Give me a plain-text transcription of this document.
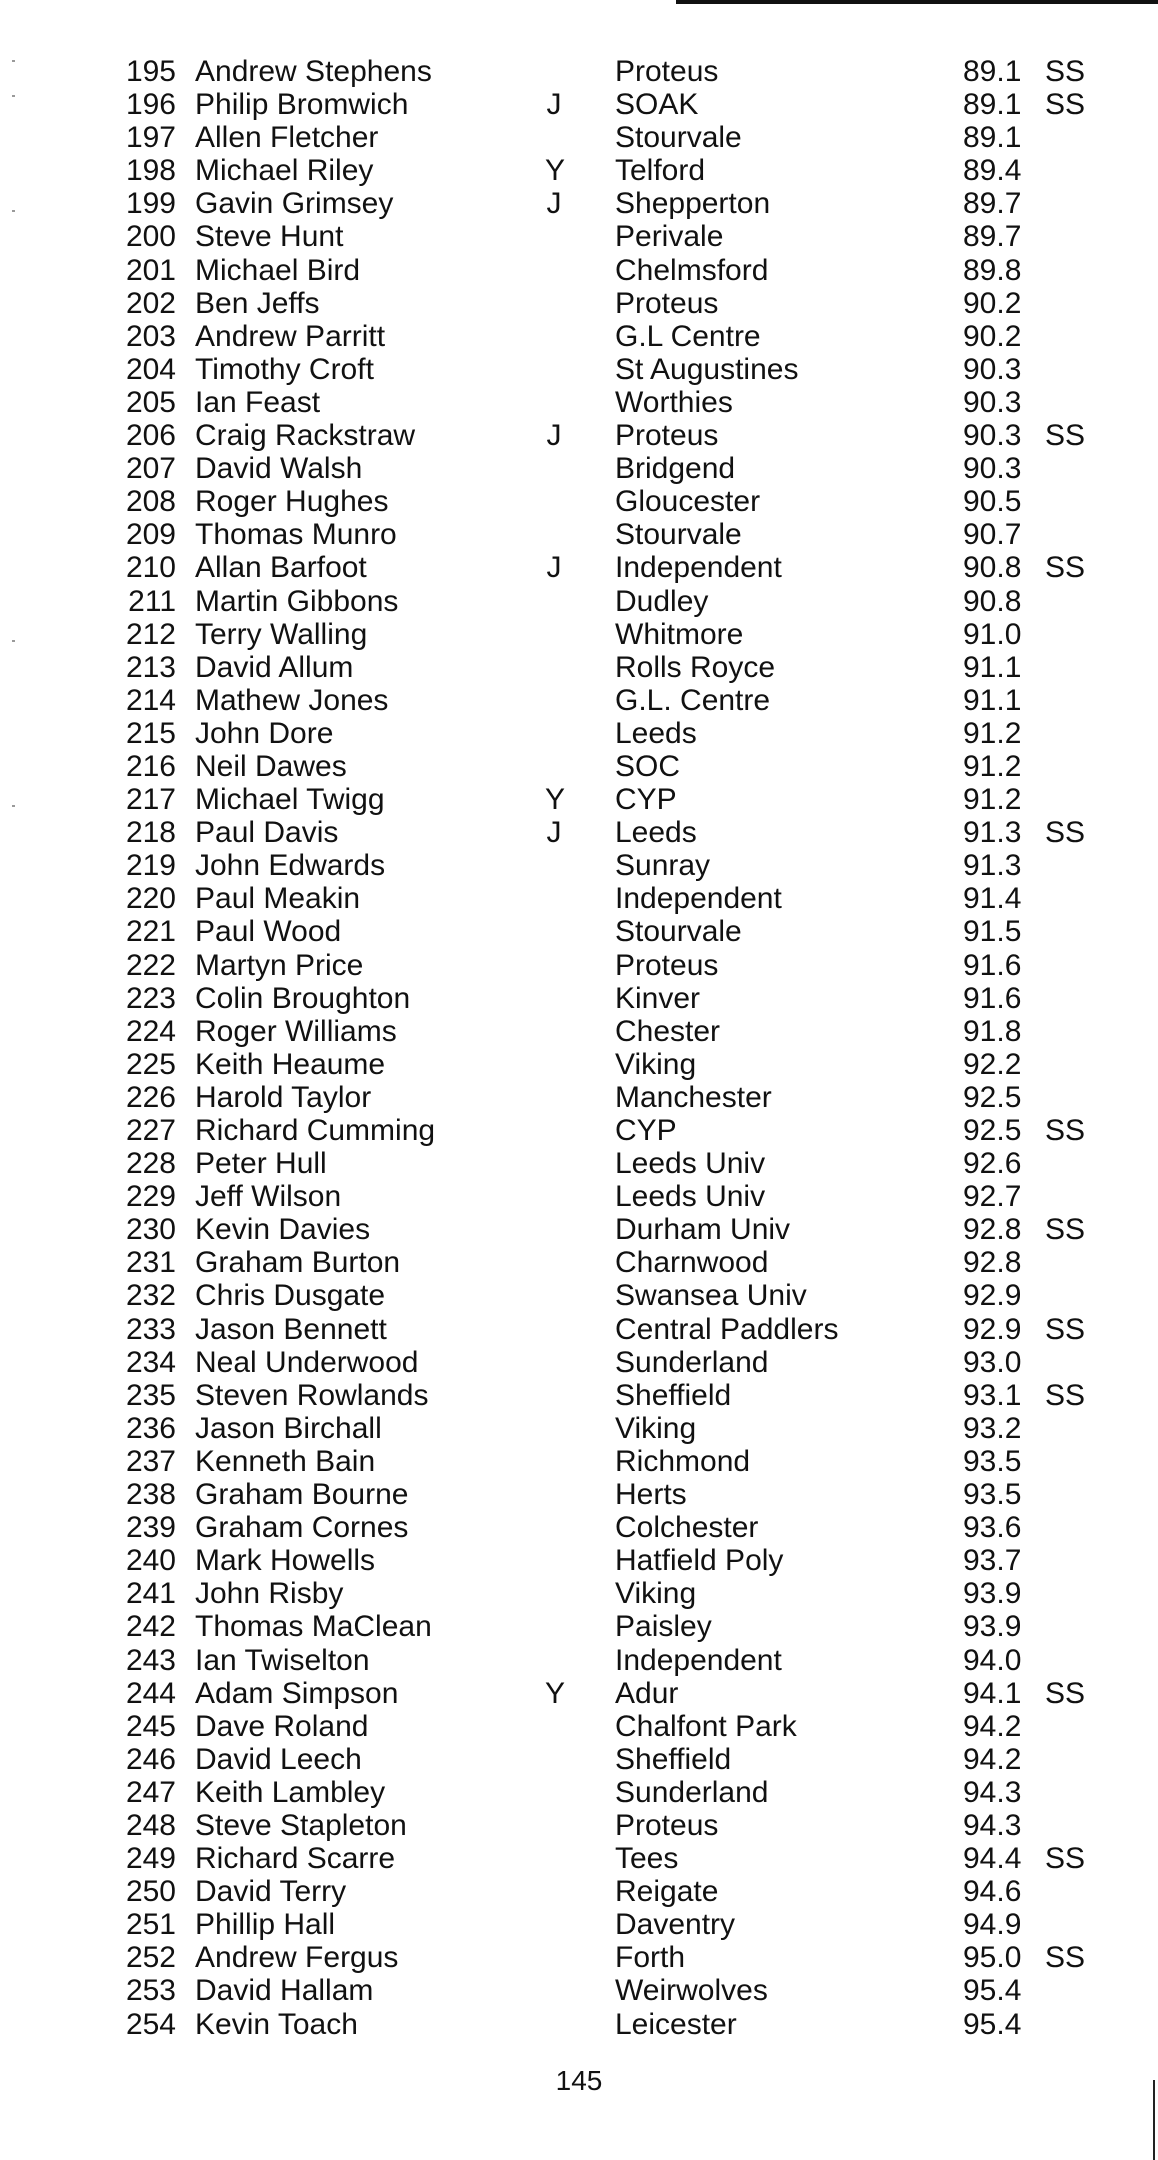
195 Andrew Stephens	Proteus	89.1 SS
196 Philip Bromwich	J SOAK	89.1 SS
197 Allen Fletcher	Stourvale	89.1
198 Michael Riley	Y Telford	89.4
199 Gavin Grimsey	J Shepperton	89.7
200 Steve Hunt	Perivale	89.7
201 Michael Bird	Chelmsford	89.8
202 Ben Jeffs	Proteus	90.2
203 Andrew Parritt	G.L Centre	90.2
204 Timothy Croft	St Augustines	90.3
205 Ian Feast	Worthies	90.3
206 Craig Rackstraw	J Proteus	90.3 SS
207 David Walsh	Bridgend	90.3
208 Roger Hughes	Gloucester	90.5
209 Thomas Munro	Stourvale	90.7
210 Allan Barfoot	J Independent	90.8 SS
211 Martin Gibbons	Dudley	90.8
212 Terry Walling	Whitmore	91.0
213 David Allum	Rolls Royce	91.1
214 Mathew Jones	G.L. Centre	91.1
215 John Dore	Leeds	91.2
216 Neil Dawes	SOC	91.2
217 Michael Twigg	Y CYP	91.2
218 Paul Davis	J Leeds	91.3 SS
219 John Edwards	Sunray	91.3
220 Paul Meakin	Independent	91.4
221 Paul Wood	Stourvale	91.5
222 Martyn Price	Proteus	91.6
223 Colin Broughton	Kinver	91.6
224 Roger Williams	Chester	91.8
225 Keith Heaume	Viking	92.2
226 Harold Taylor	Manchester	92.5
227 Richard Cumming	CYP	92.5 SS
228 Peter Hull	Leeds Univ	92.6
229 Jeff Wilson	Leeds Univ	92.7
230 Kevin Davies	Durham Univ	92.8 SS
231 Graham Burton	Charnwood	92.8
232 Chris Dusgate	Swansea Univ	92.9
233 Jason Bennett	Central Paddlers	92.9 SS
234 Neal Underwood	Sunderland	93.0
235 Steven Rowlands	Sheffield	93.1 SS
236 Jason Birchall	Viking	93.2
237 Kenneth Bain	Richmond	93.5
238 Graham Bourne	Herts	93.5
239 Graham Cornes	Colchester	93.6
240 Mark Howells	Hatfield Poly	93.7
241 John Risby	Viking	93.9
242 Thomas MaClean	Paisley	93.9
243 Ian Twiselton	Independent	94.0
244 Adam Simpson	Y Adur	94.1 SS
245 Dave Roland	Chalfont Park	94.2
246 David Leech	Sheffield	94.2
247 Keith Lambley	Sunderland	94.3
248 Steve Stapleton	Proteus	94.3
249 Richard Scarre	Tees	94.4 SS
250 David Terry	Reigate	94.6
251 Phillip Hall	Daventry	94.9
252 Andrew Fergus	Forth	95.0 SS
253 David Hallam	Weirwolves	95.4
254 Kevin Toach	Leicester	95.4
145
